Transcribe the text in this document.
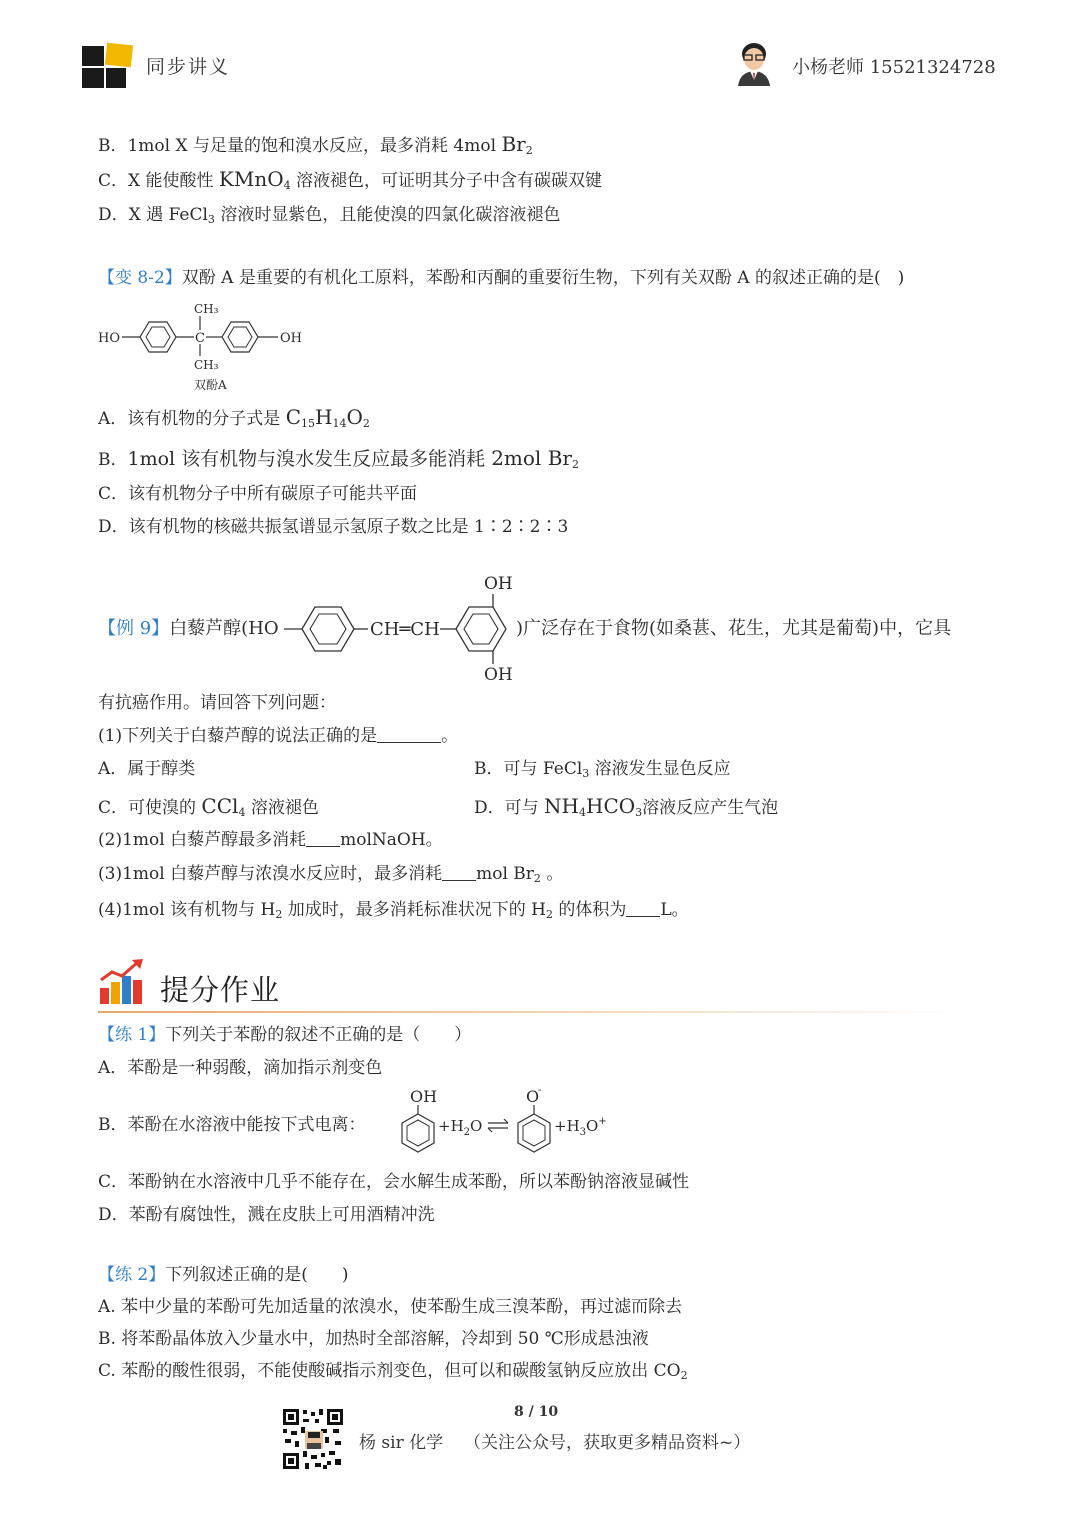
同步讲义	小杨老师 15521324728
B．1mol X 与足量的饱和溴水反应，最多消耗 4mol $Br_2$
C．X 能使酸性 KMnO$_4$ 溶液褪色，可证明其分子中含有碳碳双键
D．X 遇 FeCl$_3$ 溶液时显紫色，且能使溴的四氯化碳溶液褪色
【变 8-2】双酚 A 是重要的有机化工原料，苯酚和丙酮的重要衍生物，下列有关双酚 A 的叙述正确的是(　)
HO
CH₃
C
CH₃
OH
双酚A
A．该有机物的分子式是 $C_{15}H_{14}O_2$
B．1mol 该有机物与溴水发生反应最多能消耗 2mol $Br_2$
C．该有机物分子中所有碳原子可能共平面
D．该有机物的核磁共振氢谱显示氢原子数之比是 1∶2∶2∶3
【例 9】白藜芦醇(HO	CH═CH
OH
OH
)广泛存在于食物(如桑葚、花生，尤其是葡萄)中，它具
有抗癌作用。请回答下列问题：
(1)下列关于白藜芦醇的说法正确的是	。
A．属于醇类	B．可与 FeCl$_3$ 溶液发生显色反应
C．可使溴的 CCl$_4$ 溶液褪色	D．可与 $NH_4HCO_3$溶液反应产生气泡
(2)1mol 白藜芦醇最多消耗 molNaOH。
(3)1mol 白藜芦醇与浓溴水反应时，最多消耗 mol $Br_2$ 。
(4)1mol 该有机物与 $H_2$ 加成时，最多消耗标准状况下的 $H_2$ 的体积为 L。
提分作业
【练 1】下列关于苯酚的叙述不正确的是（　　）
A．苯酚是一种弱酸，滴加指示剂变色
B．苯酚在水溶液中能按下式电离：
OH
$+H_2O$
O
-
$+H_3O^+$
C．苯酚钠在水溶液中几乎不能存在，会水解生成苯酚，所以苯酚钠溶液显碱性
D．苯酚有腐蚀性，溅在皮肤上可用酒精冲洗
【练 2】下列叙述正确的是(　　)
A. 苯中少量的苯酚可先加适量的浓溴水，使苯酚生成三溴苯酚，再过滤而除去
B. 将苯酚晶体放入少量水中，加热时全部溶解，冷却到 50 ℃形成悬浊液
C. 苯酚的酸性很弱，不能使酸碱指示剂变色，但可以和碳酸氢钠反应放出 $CO_2$
8 / 10
杨 sir 化学 （关注公众号，获取更多精品资料~）
